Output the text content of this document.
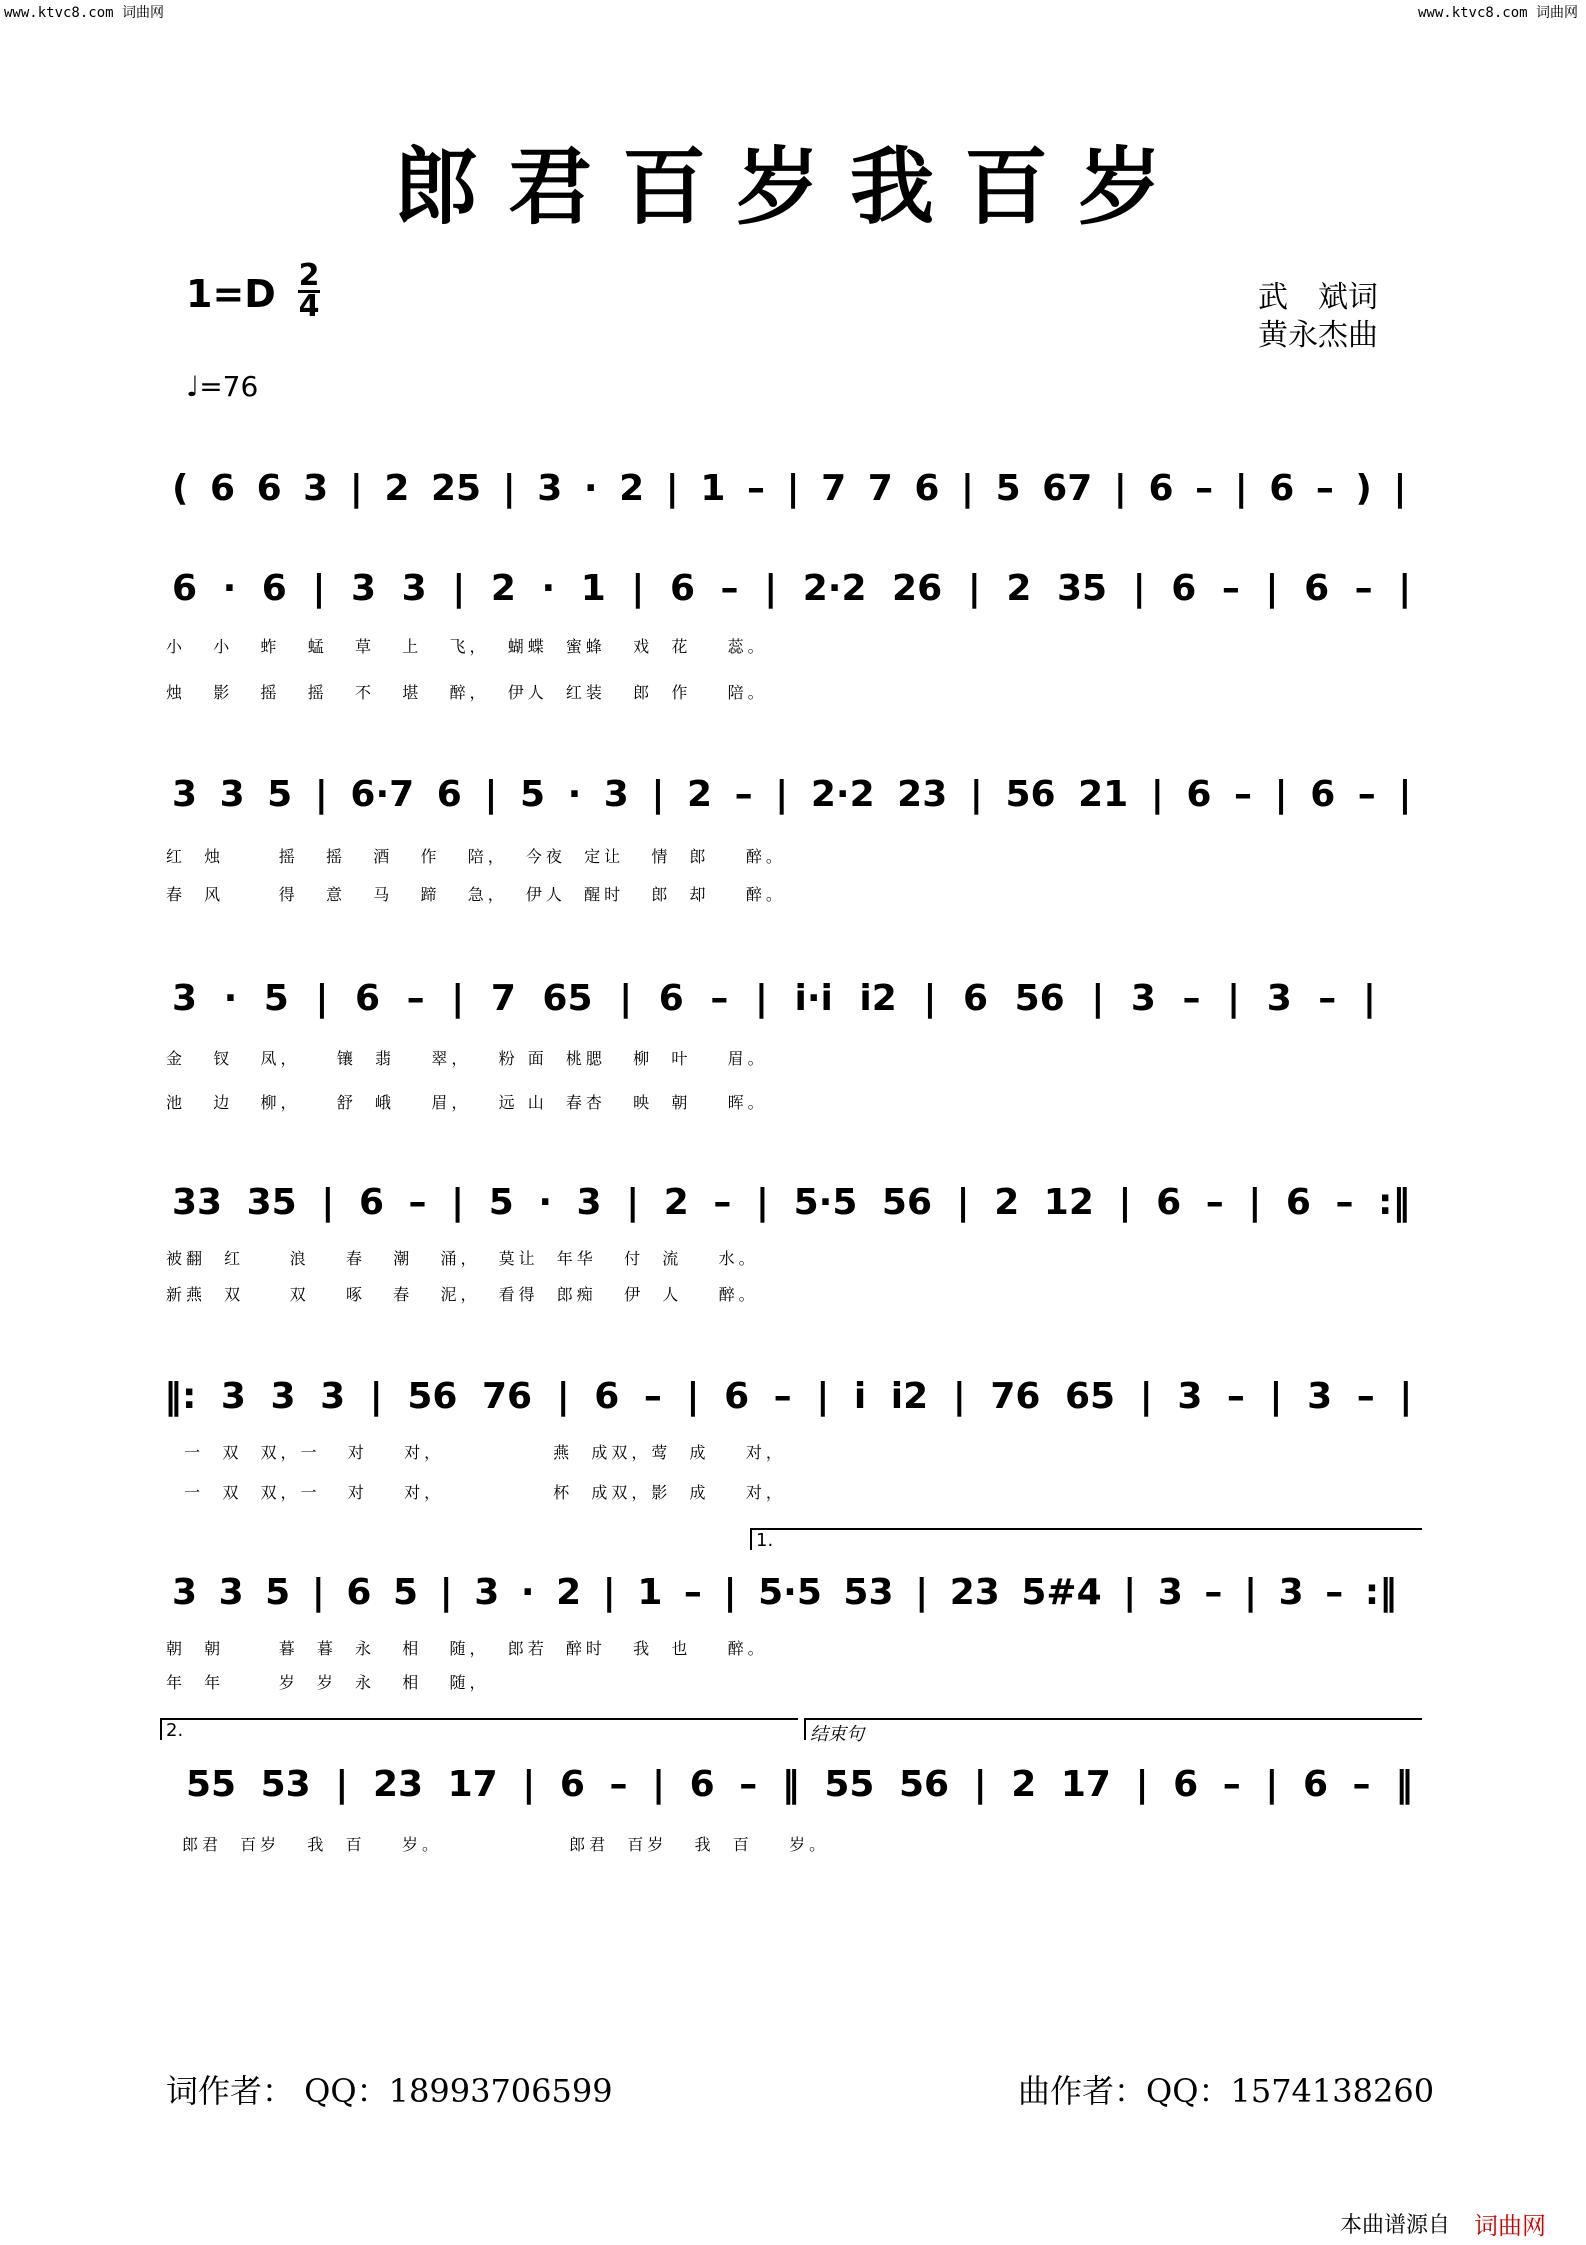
www.ktvc8.com 词曲网	www.ktvc8.com 词曲网
郎君百岁我百岁
1=D 2
4	武　斌词
黄永杰曲
♩=76
( 6 6 3 | 2 25 | 3 · 2 | 1 – | 7 7 6 | 5 67 | 6 – | 6 – ) |
6 · 6 | 3 3 | 2 · 1 | 6 – | 2·2 26 | 2 35 | 6 – | 6 – |
小   小   蚱   蜢   草   上   飞，  蝴蝶  蜜蜂   戏  花    蕊。
烛   影   摇   摇   不   堪   醉，  伊人  红装   郎  作    陪。
3 3 5 | 6·7 6 | 5 · 3 | 2 – | 2·2 23 | 56 21 | 6 – | 6 – |
红  烛      摇   摇   酒   作   陪，  今夜  定让   情  郎    醉。
春  风      得   意   马   蹄   急，  伊人  醒时   郎  却    醉。
3 · 5 | 6 – | 7 65 | 6 – | i·i i2 | 6 56 | 3 – | 3 – |
金   钗   凤，    镶  翡    翠，   粉 面  桃腮   柳  叶    眉。
池   边   柳，    舒  峨    眉，   远 山  春杏   映  朝    晖。
33 35 | 6 – | 5 · 3 | 2 – | 5·5 56 | 2 12 | 6 – | 6 – :‖
被翻  红     浪    春   潮   涌，  莫让  年华   付  流    水。
新燕  双     双    啄   春   泥，  看得  郎痴   伊  人    醉。
‖: 3 3 3 | 56 76 | 6 – | 6 – | i i2 | 76 65 | 3 – | 3 – |
一  双  双，一   对    对，            燕  成双，莺  成    对，
一  双  双，一   对    对，            杯  成双，影  成    对，
1.
3 3 5 | 6 5 | 3 · 2 | 1 – | 5·5 53 | 23 5#4 | 3 – | 3 – :‖
朝  朝      暮  暮  永   相   随，  郎若  醉时   我  也    醉。
年  年      岁  岁  永   相   随，
2.	结束句
55 53 | 23 17 | 6 – | 6 – ‖ 55 56 | 2 17 | 6 – | 6 – ‖
郎君  百岁   我  百    岁。              郎君  百岁   我  百    岁。
词作者： QQ：18993706599	曲作者：QQ：1574138260
本曲谱源自 词曲网
